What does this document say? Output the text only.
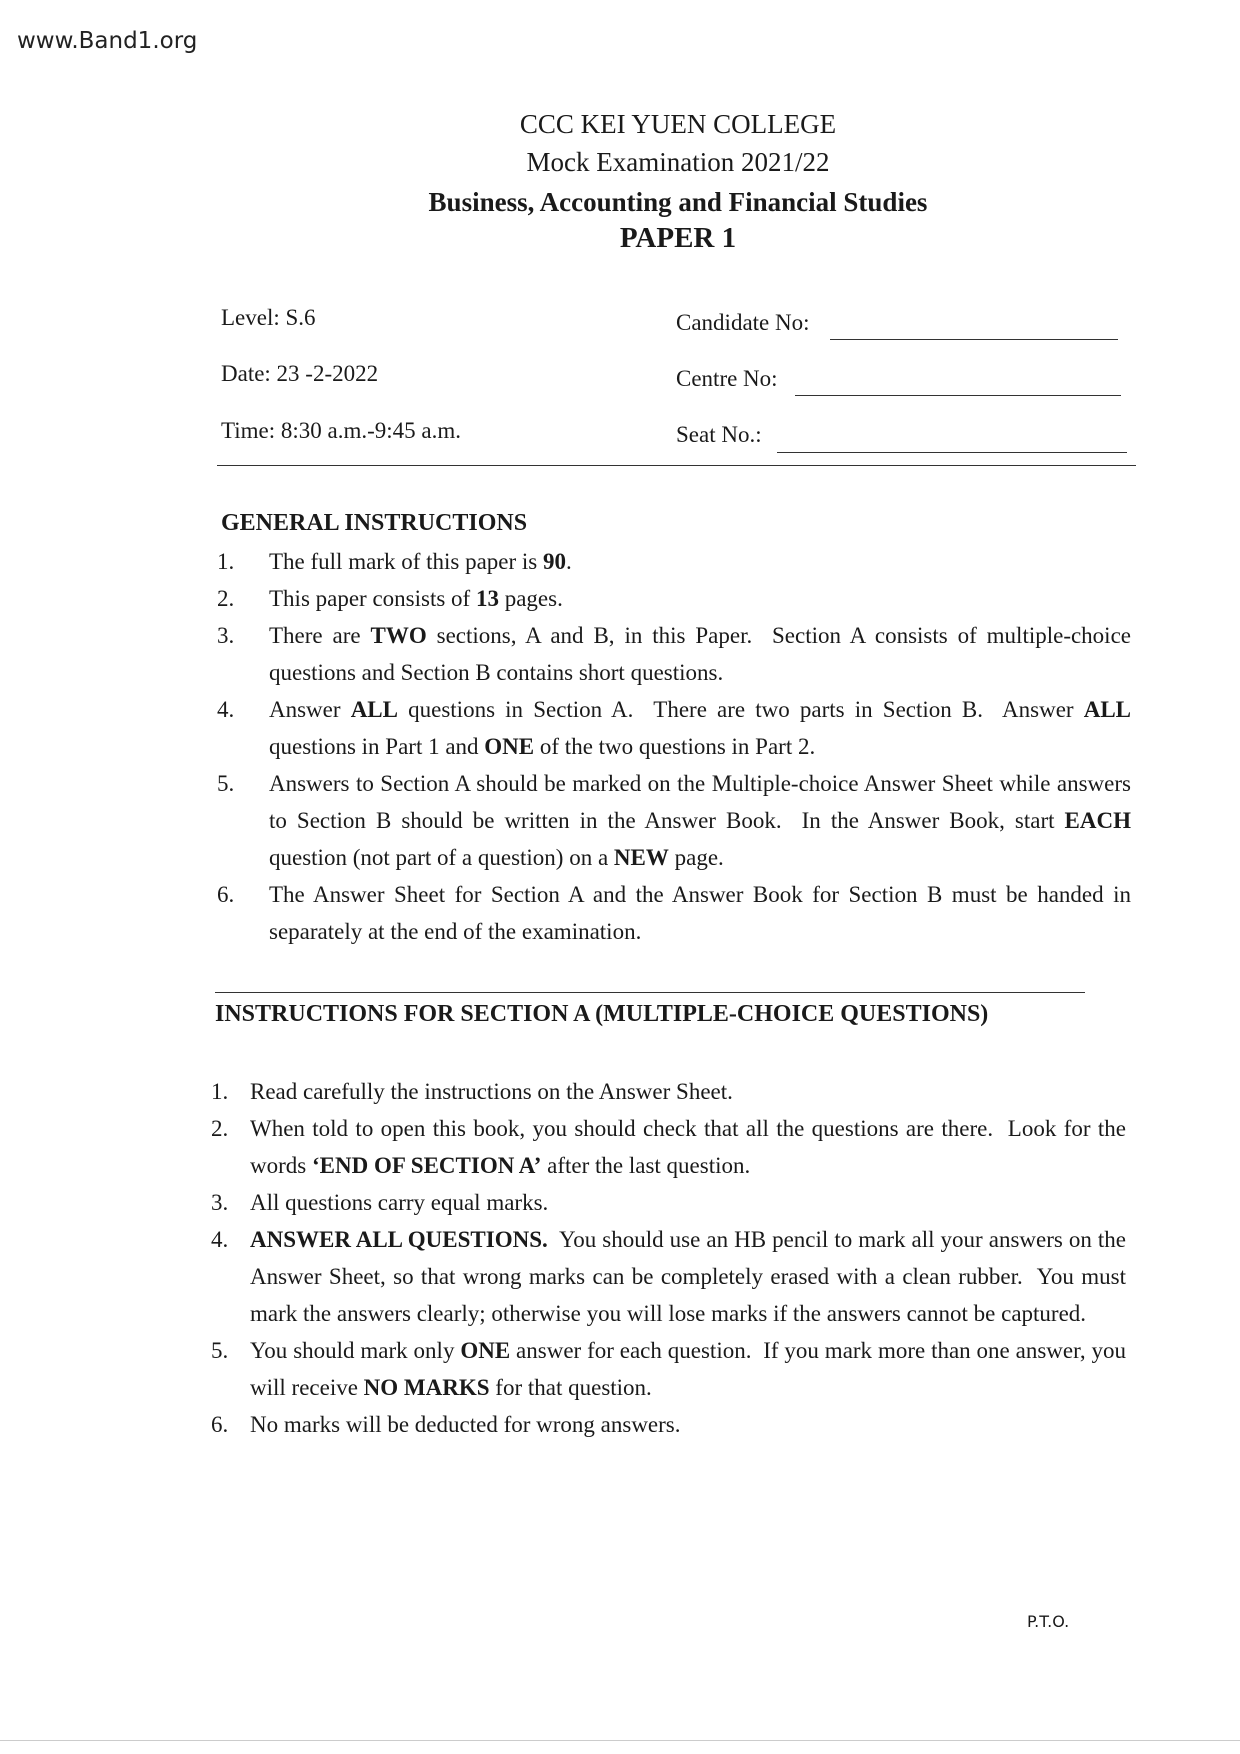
www.Band1.org
CCC KEI YUEN COLLEGE
Mock Examination 2021/22
Business, Accounting and Financial Studies
PAPER 1
Level: S.6
Date: 23 -2-2022
Time: 8:30 a.m.-9:45 a.m.
Candidate No:
Centre No:
Seat No.:
GENERAL INSTRUCTIONS
1. The full mark of this paper is 90.
2. This paper consists of 13 pages.
3. There are TWO sections, A and B, in this Paper.  Section A consists of multiple-choice questions and Section B contains short questions.
4. Answer ALL questions in Section A.  There are two parts in Section B.  Answer ALL questions in Part 1 and ONE of the two questions in Part 2.
5. Answers to Section A should be marked on the Multiple-choice Answer Sheet while answers to Section B should be written in the Answer Book.  In the Answer Book, start EACH question (not part of a question) on a NEW page.
6. The Answer Sheet for Section A and the Answer Book for Section B must be handed in separately at the end of the examination.
INSTRUCTIONS FOR SECTION A (MULTIPLE-CHOICE QUESTIONS)
1. Read carefully the instructions on the Answer Sheet.
2. When told to open this book, you should check that all the questions are there.  Look for the words ‘END OF SECTION A’ after the last question.
3. All questions carry equal marks.
4. ANSWER ALL QUESTIONS.  You should use an HB pencil to mark all your answers on the Answer Sheet, so that wrong marks can be completely erased with a clean rubber.  You must mark the answers clearly; otherwise you will lose marks if the answers cannot be captured.
5. You should mark only ONE answer for each question.  If you mark more than one answer, you will receive NO MARKS for that question.
6. No marks will be deducted for wrong answers.
P.T.O.
